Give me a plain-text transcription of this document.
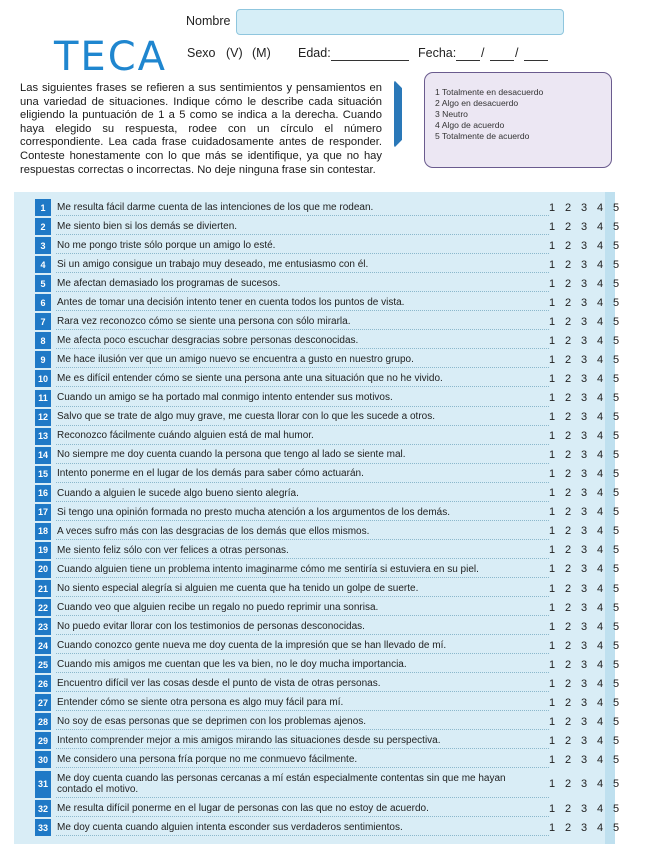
TECA
Nombre
Sexo (V) (M) Edad:	Fecha: / /
Las siguientes frases se refieren a sus sentimientos y pensamientos en una variedad de situaciones. Indique cómo le describe cada situación eligiendo la puntuación de 1 a 5 como se indica a la derecha. Cuando haya elegido su respuesta, rodee con un círculo el número correspondiente. Lea cada frase cuidadosamente antes de responder. Conteste honestamente con lo que más se identifique, ya que no hay respuestas correctas o incorrectas. No deje ninguna frase sin contestar.
1 Totalmente en desacuerdo
2 Algo en desacuerdo
3 Neutro
4 Algo de acuerdo
5 Totalmente de acuerdo
1	Me resulta fácil darme cuenta de las intenciones de los que me rodean.	1 2 3 4 5
2	Me siento bien si los demás se divierten.	1 2 3 4 5
3	No me pongo triste sólo porque un amigo lo esté.	1 2 3 4 5
4	Si un amigo consigue un trabajo muy deseado, me entusiasmo con él.	1 2 3 4 5
5	Me afectan demasiado los programas de sucesos.	1 2 3 4 5
6	Antes de tomar una decisión intento tener en cuenta todos los puntos de vista.	1 2 3 4 5
7	Rara vez reconozco cómo se siente una persona con sólo mirarla.	1 2 3 4 5
8	Me afecta poco escuchar desgracias sobre personas desconocidas.	1 2 3 4 5
9	Me hace ilusión ver que un amigo nuevo se encuentra a gusto en nuestro grupo.	1 2 3 4 5
10 Me es difícil entender cómo se siente una persona ante una situación que no he vivido.	1 2 3 4 5
11 Cuando un amigo se ha portado mal conmigo intento entender sus motivos.	1 2 3 4 5
12 Salvo que se trate de algo muy grave, me cuesta llorar con lo que les sucede a otros.	1 2 3 4 5
13 Reconozco fácilmente cuándo alguien está de mal humor.	1 2 3 4 5
14 No siempre me doy cuenta cuando la persona que tengo al lado se siente mal.	1 2 3 4 5
15 Intento ponerme en el lugar de los demás para saber cómo actuarán.	1 2 3 4 5
16 Cuando a alguien le sucede algo bueno siento alegría.	1 2 3 4 5
17 Si tengo una opinión formada no presto mucha atención a los argumentos de los demás.	1 2 3 4 5
18 A veces sufro más con las desgracias de los demás que ellos mismos.	1 2 3 4 5
19 Me siento feliz sólo con ver felices a otras personas.	1 2 3 4 5
20 Cuando alguien tiene un problema intento imaginarme cómo me sentiría si estuviera en su piel.	1 2 3 4 5
21 No siento especial alegría si alguien me cuenta que ha tenido un golpe de suerte.	1 2 3 4 5
22 Cuando veo que alguien recibe un regalo no puedo reprimir una sonrisa.	1 2 3 4 5
23 No puedo evitar llorar con los testimonios de personas desconocidas.	1 2 3 4 5
24 Cuando conozco gente nueva me doy cuenta de la impresión que se han llevado de mí.	1 2 3 4 5
25 Cuando mis amigos me cuentan que les va bien, no le doy mucha importancia.	1 2 3 4 5
26 Encuentro difícil ver las cosas desde el punto de vista de otras personas.	1 2 3 4 5
27 Entender cómo se siente otra persona es algo muy fácil para mí.	1 2 3 4 5
28 No soy de esas personas que se deprimen con los problemas ajenos.	1 2 3 4 5
29 Intento comprender mejor a mis amigos mirando las situaciones desde su perspectiva.	1 2 3 4 5
30 Me considero una persona fría porque no me conmuevo fácilmente.	1 2 3 4 5
31
Me doy cuenta cuando las personas cercanas a mí están especialmente contentas sin que me hayan contado el motivo.	1 2 3 4 5
32 Me resulta difícil ponerme en el lugar de personas con las que no estoy de acuerdo.	1 2 3 4 5
33 Me doy cuenta cuando alguien intenta esconder sus verdaderos sentimientos.	1 2 3 4 5
